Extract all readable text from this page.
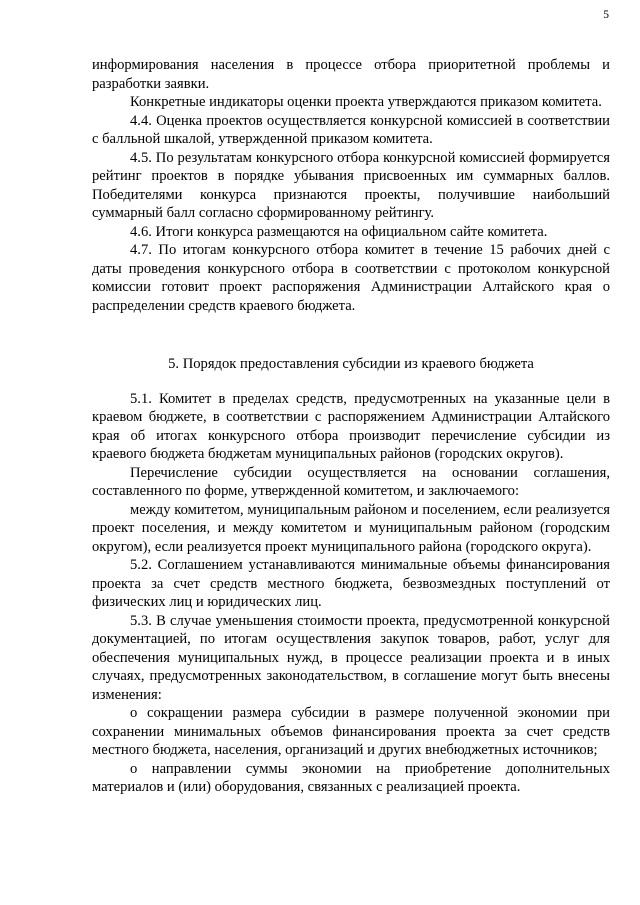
5

информирования населения в процессе отбора приоритетной проблемы и разработки заявки.

Конкретные индикаторы оценки проекта утверждаются приказом комитета.

4.4. Оценка проектов осуществляется конкурсной комиссией в соответствии с балльной шкалой, утвержденной приказом комитета.

4.5. По результатам конкурсного отбора конкурсной комиссией формируется рейтинг проектов в порядке убывания присвоенных им суммарных баллов. Победителями конкурса признаются проекты, получившие наибольший суммарный балл согласно сформированному рейтингу.

4.6. Итоги конкурса размещаются на официальном сайте комитета.

4.7. По итогам конкурсного отбора комитет в течение 15 рабочих дней с даты проведения конкурсного отбора в соответствии с протоколом конкурсной комиссии готовит проект распоряжения Администрации Алтайского края о распределении средств краевого бюджета.

5. Порядок предоставления субсидии из краевого бюджета

5.1. Комитет в пределах средств, предусмотренных на указанные цели в краевом бюджете, в соответствии с распоряжением Администрации Алтайского края об итогах конкурсного отбора производит перечисление субсидии из краевого бюджета бюджетам муниципальных районов (городских округов).

Перечисление субсидии осуществляется на основании соглашения, составленного по форме, утвержденной комитетом, и заключаемого:

между комитетом, муниципальным районом и поселением, если реализуется проект поселения, и между комитетом и муниципальным районом (городским округом), если реализуется проект муниципального района (городского округа).

5.2. Соглашением устанавливаются минимальные объемы финансирования проекта за счет средств местного бюджета, безвозмездных поступлений от физических лиц и юридических лиц.

5.3. В случае уменьшения стоимости проекта, предусмотренной конкурсной документацией, по итогам осуществления закупок товаров, работ, услуг для обеспечения муниципальных нужд, в процессе реализации проекта и в иных случаях, предусмотренных законодательством, в соглашение могут быть внесены изменения:

о сокращении размера субсидии в размере полученной экономии при сохранении минимальных объемов финансирования проекта за счет средств местного бюджета, населения, организаций и других внебюджетных источников;

о направлении суммы экономии на приобретение дополнительных материалов и (или) оборудования, связанных с реализацией проекта.
